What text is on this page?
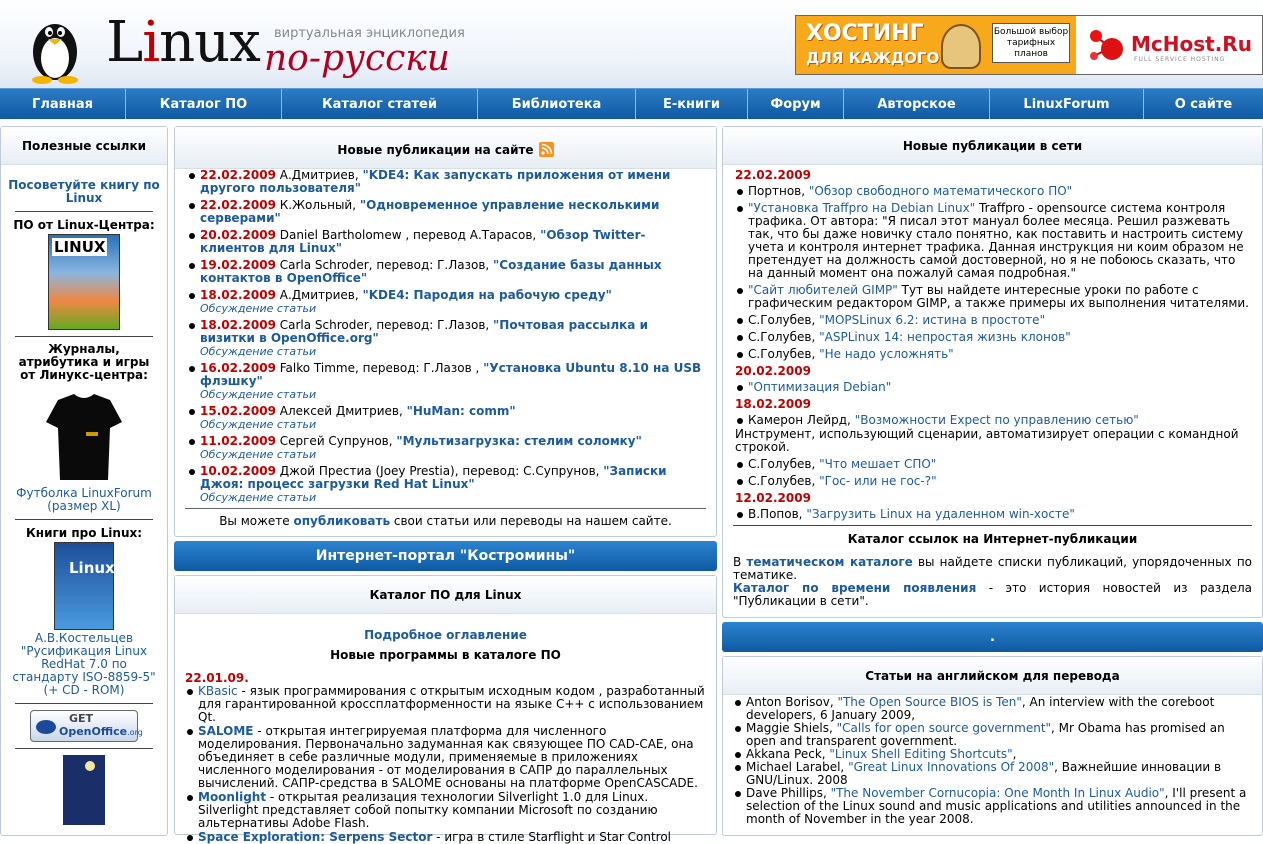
Linux виртуальная энциклопедия
по-русски
ХОСТИНГ
ДЛЯ КАЖДОГО
Большой выбор тарифных планов	McHost.Ru
FULL SERVICE HOSTING
Главная	Каталог ПО	Каталог статей	Библиотека	E-книги	Форум	Авторское	LinuxForum	О сайте
Полезные ссылки
Посоветуйте книгу по Linux
ПО от Linux-Центра:
LINUX
Журналы, атрибутика и игры
от Линукс-центра:
Футболка LinuxForum (размер XL)
Книги про Linux:
Linux
А.В.Костельцев "Русификация Linux RedHat 7.0 по стандарту ISO-8859-5" (+ CD - ROM)
GET
OpenOffice.org
Новые публикации на сайте
22.02.2009 А.Дмитриев, "KDE4: Как запускать приложения от имени другого пользователя"
22.02.2009 К.Жольный, "Одновременное управление несколькими серверами"
20.02.2009 Daniel Bartholomew , перевод А.Тарасов, "Обзор Twitter-клиентов для Linux"
19.02.2009 Carla Schroder, перевод: Г.Лазов, "Создание базы данных контактов в OpenOffice"
18.02.2009 А.Дмитриев, "KDE4: Пародия на рабочую среду"
Обсуждение статьи
18.02.2009 Carla Schroder, перевод: Г.Лазов, "Почтовая рассылка и визитки в OpenOffice.org"
Обсуждение статьи
16.02.2009 Falko Timme, перевод: Г.Лазов , "Установка Ubuntu 8.10 на USB флэшку"
Обсуждение статьи
15.02.2009 Алексей Дмитриев, "HuMan: comm"
Обсуждение статьи
11.02.2009 Сергей Супрунов, "Мультизагрузка: стелим соломку"
Обсуждение статьи
10.02.2009 Джой Престиа (Joey Prestia), перевод: С.Супрунов, "Записки Джоя: процесс загрузки Red Hat Linux"
Обсуждение статьи
Вы можете опубликовать свои статьи или переводы на нашем сайте.
Интернет-портал "Костромины"
Каталог ПО для Linux
Подробное оглавление
Новые программы в каталоге ПО
22.01.09.
KBasic - язык программирования с открытым исходным кодом , разработанный для гарантированной кроссплатформенности на языке C++ с использованием Qt.
SALOME - открытая интегрируемая платформа для численного моделирования. Первоначально задуманная как связующее ПО CAD-CAE, она объединяет в себе различные модули, применяемые в приложениях численного моделирования - от моделирования в САПР до параллельных вычислений. САПР-средства в SALOME основаны на платформе OpenCASCADE.
Moonlight - открытая реализация технологии Silverlight 1.0 для Linux. Silverlight представляет собой попытку компании Microsoft по созданию альтернативы Adobe Flash.
Space Exploration: Serpens Sector - игра в стиле Starflight и Star Control
Новые публикации в сети
22.02.2009
Портнов, "Обзор свободного математического ПО"
"Установка Traffpro на Debian Linux" Traffpro - opensource система контроля трафика. От автора: "Я писал этот мануал более месяца. Решил разжевать так, что бы даже новичку стало понятно, как поставить и настроить систему учета и контроля интернет трафика. Данная инструкция ни коим образом не претендует на должность самой достоверной, но я не побоюсь сказать, что на данный момент она пожалуй самая подробная."
"Сайт любителей GIMP" Тут вы найдете интересные уроки по работе с графическим редактором GIMP, а также примеры их выполнения читателями.
С.Голубев, "MOPSLinux 6.2: истина в простоте"
С.Голубев, "ASPLinux 14: непростая жизнь клонов"
С.Голубев, "Не надо усложнять"
20.02.2009
"Оптимизация Debian"
18.02.2009
Камерон Лейрд, "Возможности Expect по управлению сетью"
Инструмент, использующий сценарии, автоматизирует операции с командной строкой.
С.Голубев, "Что мешает СПО"
С.Голубев, "Гос- или не гос-?"
12.02.2009
В.Попов, "Загрузить Linux на удаленном win-хосте"
Каталог ссылок на Интернет-публикации
В тематическом каталоге вы найдете списки публикаций, упорядоченных по тематике.
Каталог по времени появления - это история новостей из раздела "Публикации в сети".
.
Статьи на английском для перевода
Anton Borisov, "The Open Source BIOS is Ten", An interview with the coreboot developers, 6 January 2009,
Maggie Shiels, "Calls for open source government", Mr Obama has promised an open and transparent government.
Akkana Peck, "Linux Shell Editing Shortcuts",
Michael Larabel, "Great Linux Innovations Of 2008", Важнейшие инновации в GNU/Linux. 2008
Dave Phillips, "The November Cornucopia: One Month In Linux Audio", I'll present a selection of the Linux sound and music applications and utilities announced in the month of November in the year 2008.
